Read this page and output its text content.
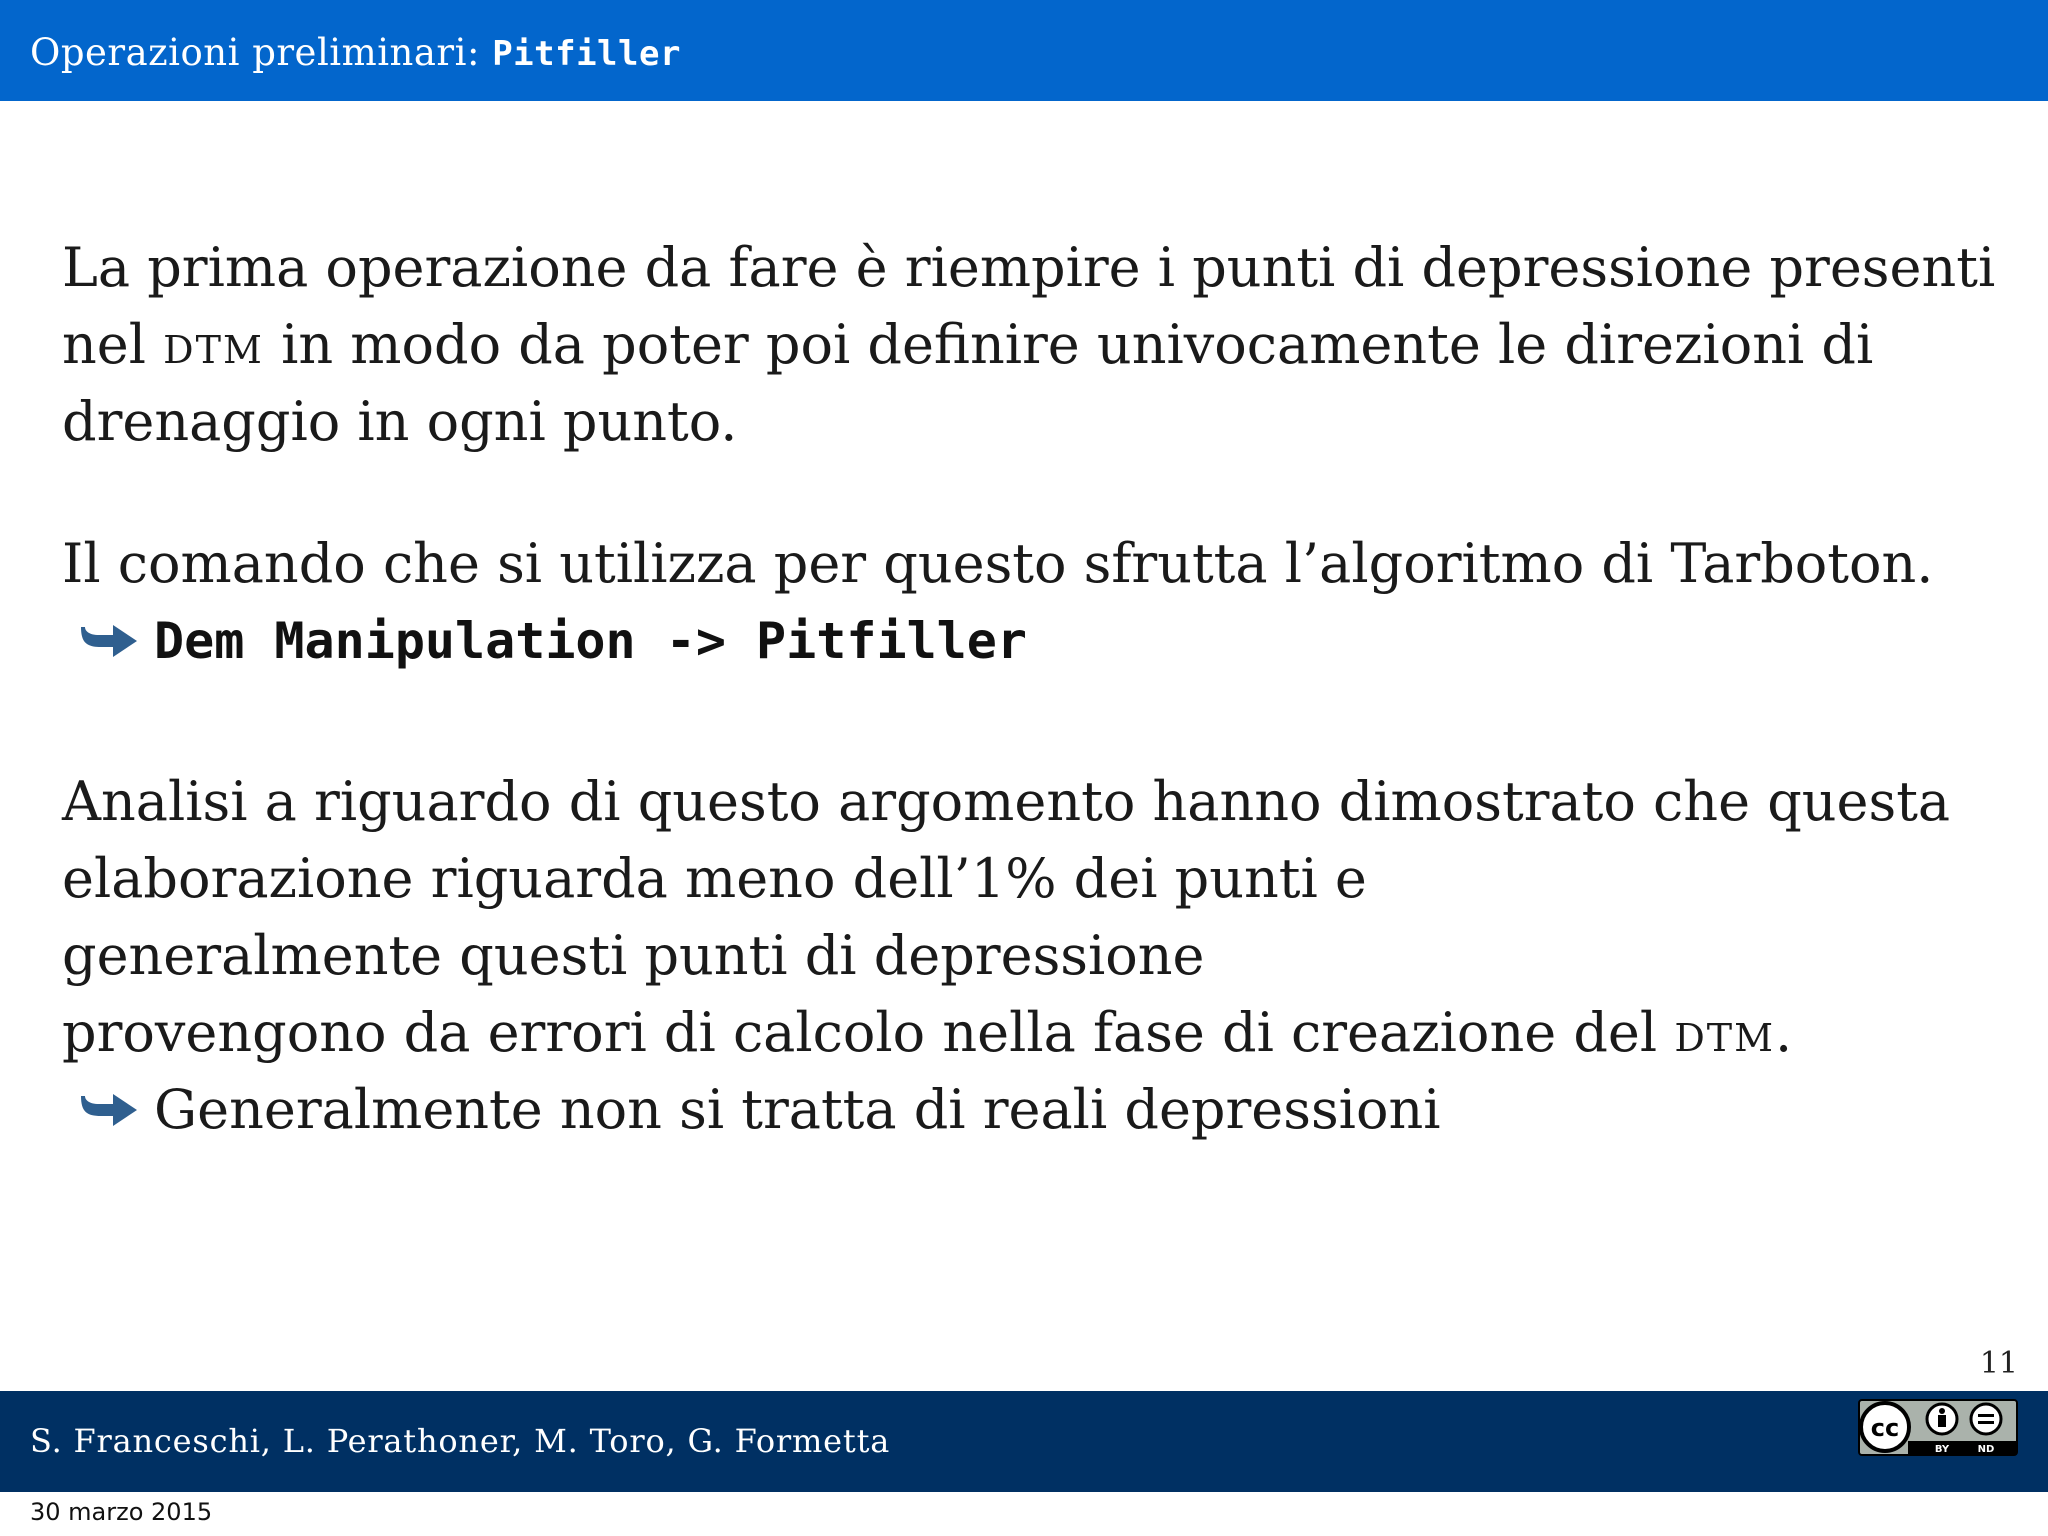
Operazioni preliminari: Pitfiller
La prima operazione da fare è riempire i punti di depressione presenti
nel dtm in modo da poter poi definire univocamente le direzioni di
drenaggio in ogni punto.
Il comando che si utilizza per questo sfrutta l’algoritmo di Tarboton.
Dem Manipulation -> Pitfiller
Analisi a riguardo di questo argomento hanno dimostrato che questa
elaborazione riguarda meno dell’1% dei punti e
generalmente questi punti di depressione
provengono da errori di calcolo nella fase di creazione del dtm.
Generalmente non si tratta di reali depressioni
11
S. Franceschi, L. Perathoner, M. Toro, G. Formetta	cc
BY	ND
30 marzo 2015
